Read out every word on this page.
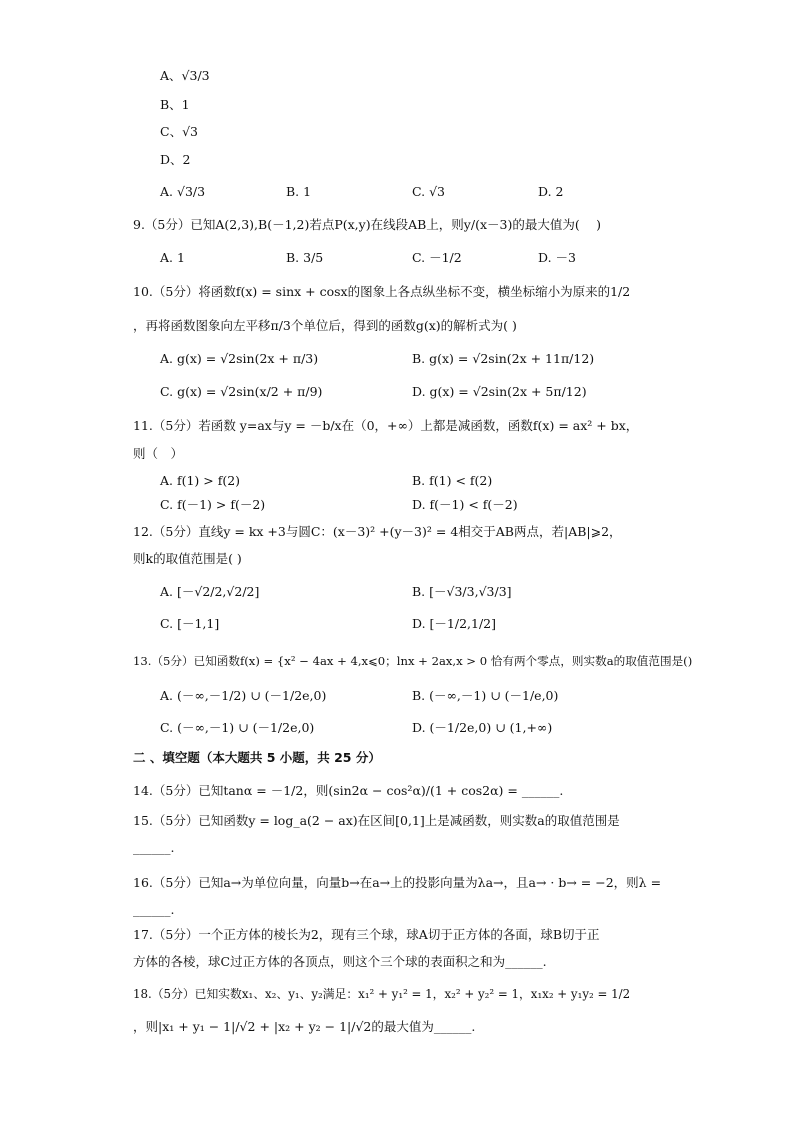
A、√3/3
B、1
C、√3
D、2
A. √3/3	B. 1	C. √3	D. 2
9.（5分）已知A(2,3),B(－1,2)若点P(x,y)在线段AB上，则y/(x－3)的最大值为(　 )
A. 1	B. 3/5	C. －1/2	D. －3
10.（5分）将函数f(x) = sinx + cosx的图象上各点纵坐标不变，横坐标缩小为原来的1/2
，再将函数图象向左平移π/3个单位后，得到的函数g(x)的解析式为( )
A. g(x) = √2sin(2x + π/3)	B. g(x) = √2sin(2x + 11π/12)
C. g(x) = √2sin(x/2 + π/9)	D. g(x) = √2sin(2x + 5π/12)
11.（5分）若函数 y=ax与y = －b/x在（0，+∞）上都是减函数，函数f(x) = ax² + bx，
则（　）
A. f(1) > f(2)	B. f(1) < f(2)
C. f(－1) > f(－2)	D. f(－1) < f(－2)
12.（5分）直线y = kx +3与圆C：(x－3)² +(y－3)² = 4相交于AB两点，若|AB|⩾2，
则k的取值范围是( )
A. [－√2/2,√2/2]	B. [－√3/3,√3/3]
C. [－1,1]	D. [－1/2,1/2]
13.（5分）已知函数f(x) = {x² − 4ax + 4,x⩽0；lnx + 2ax,x > 0 恰有两个零点，则实数a的取值范围是()
A. (－∞,－1/2) ∪ (－1/2e,0)	B. (－∞,－1) ∪ (－1/e,0)
C. (－∞,－1) ∪ (－1/2e,0)	D. (－1/2e,0) ∪ (1,+∞)
二 、填空题（本大题共 5 小题，共 25 分）
14.（5分）已知tanα = －1/2，则(sin2α − cos²α)/(1 + cos2α) = ______.
15.（5分）已知函数y = log_a(2 − ax)在区间[0,1]上是减函数，则实数a的取值范围是
______.
16.（5分）已知a→为单位向量，向量b→在a→上的投影向量为λa→，且a→ · b→ = −2，则λ =
______.
17.（5分）一个正方体的棱长为2，现有三个球，球A切于正方体的各面，球B切于正
方体的各棱，球C过正方体的各顶点，则这个三个球的表面积之和为______.
18.（5分）已知实数x₁、x₂、y₁、y₂满足：x₁² + y₁² = 1，x₂² + y₂² = 1，x₁x₂ + y₁y₂ = 1/2
，则|x₁ + y₁ − 1|/√2 + |x₂ + y₂ − 1|/√2的最大值为______.
